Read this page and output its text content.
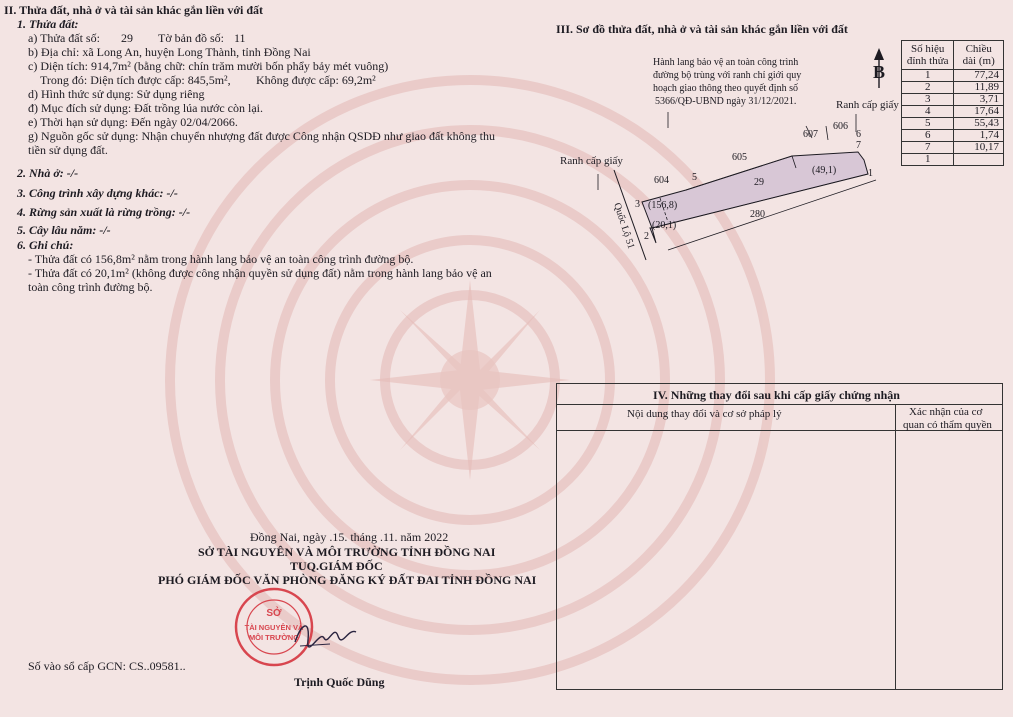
II. Thửa đất, nhà ở và tài sản khác gắn liền với đất
1. Thửa đất:
a) Thửa đất số: 29 Tờ bản đồ số: 11
b) Địa chỉ: xã Long An, huyện Long Thành, tỉnh Đồng Nai
c) Diện tích: 914,7m² (bằng chữ: chín trăm mười bốn phẩy bảy mét vuông)
Trong đó: Diện tích được cấp: 845,5m², Không được cấp: 69,2m²
d) Hình thức sử dụng: Sử dụng riêng
đ) Mục đích sử dụng: Đất trồng lúa nước còn lại.
e) Thời hạn sử dụng: Đến ngày 02/04/2066.
g) Nguồn gốc sử dụng: Nhận chuyển nhượng đất được Công nhận QSDĐ như giao đất không thu
tiền sử dụng đất.
2. Nhà ở: -/-
3. Công trình xây dựng khác: -/-
4. Rừng sản xuất là rừng trồng: -/-
5. Cây lâu năm: -/-
6. Ghi chú:
- Thửa đất có 156,8m² nằm trong hành lang bảo vệ an toàn công trình đường bộ.
- Thửa đất có 20,1m² (không được công nhận quyền sử dụng đất) nằm trong hành lang bảo vệ an
toàn công trình đường bộ.
Đồng Nai, ngày .15. tháng .11. năm 2022
SỞ TÀI NGUYÊN VÀ MÔI TRƯỜNG TỈNH ĐỒNG NAI
TUQ.GIÁM ĐỐC
PHÓ GIÁM ĐỐC VĂN PHÒNG ĐĂNG KÝ ĐẤT ĐAI TỈNH ĐỒNG NAI
SỞ
TÀI NGUYÊN VÀ
MÔI TRƯỜNG
Số vào sổ cấp GCN: CS..09581..
Trịnh Quốc Dũng
III. Sơ đồ thửa đất, nhà ở và tài sản khác gắn liền với đất
Hành lang bảo vệ an toàn công trình
đường bộ trùng với ranh chỉ giới quy
hoạch giao thông theo quyết định số
5366/QĐ-UBND ngày 31/12/2021.
B
604
605
607
606
29
280
1
2
3
5
6
7
(156,8)
(20,1)
(49,1)
Quốc Lộ 51
Ranh cấp giấy
Ranh cấp giấy
Số hiệu đỉnh thửa	Chiều dài (m)
1	77,24
2	11,89
3	3,71
4	17,64
5	55,43
6	1,74
7	10,17
1	
IV. Những thay đổi sau khi cấp giấy chứng nhận
Nội dung thay đổi và cơ sở pháp lý	Xác nhận của cơ
quan có thẩm quyền
